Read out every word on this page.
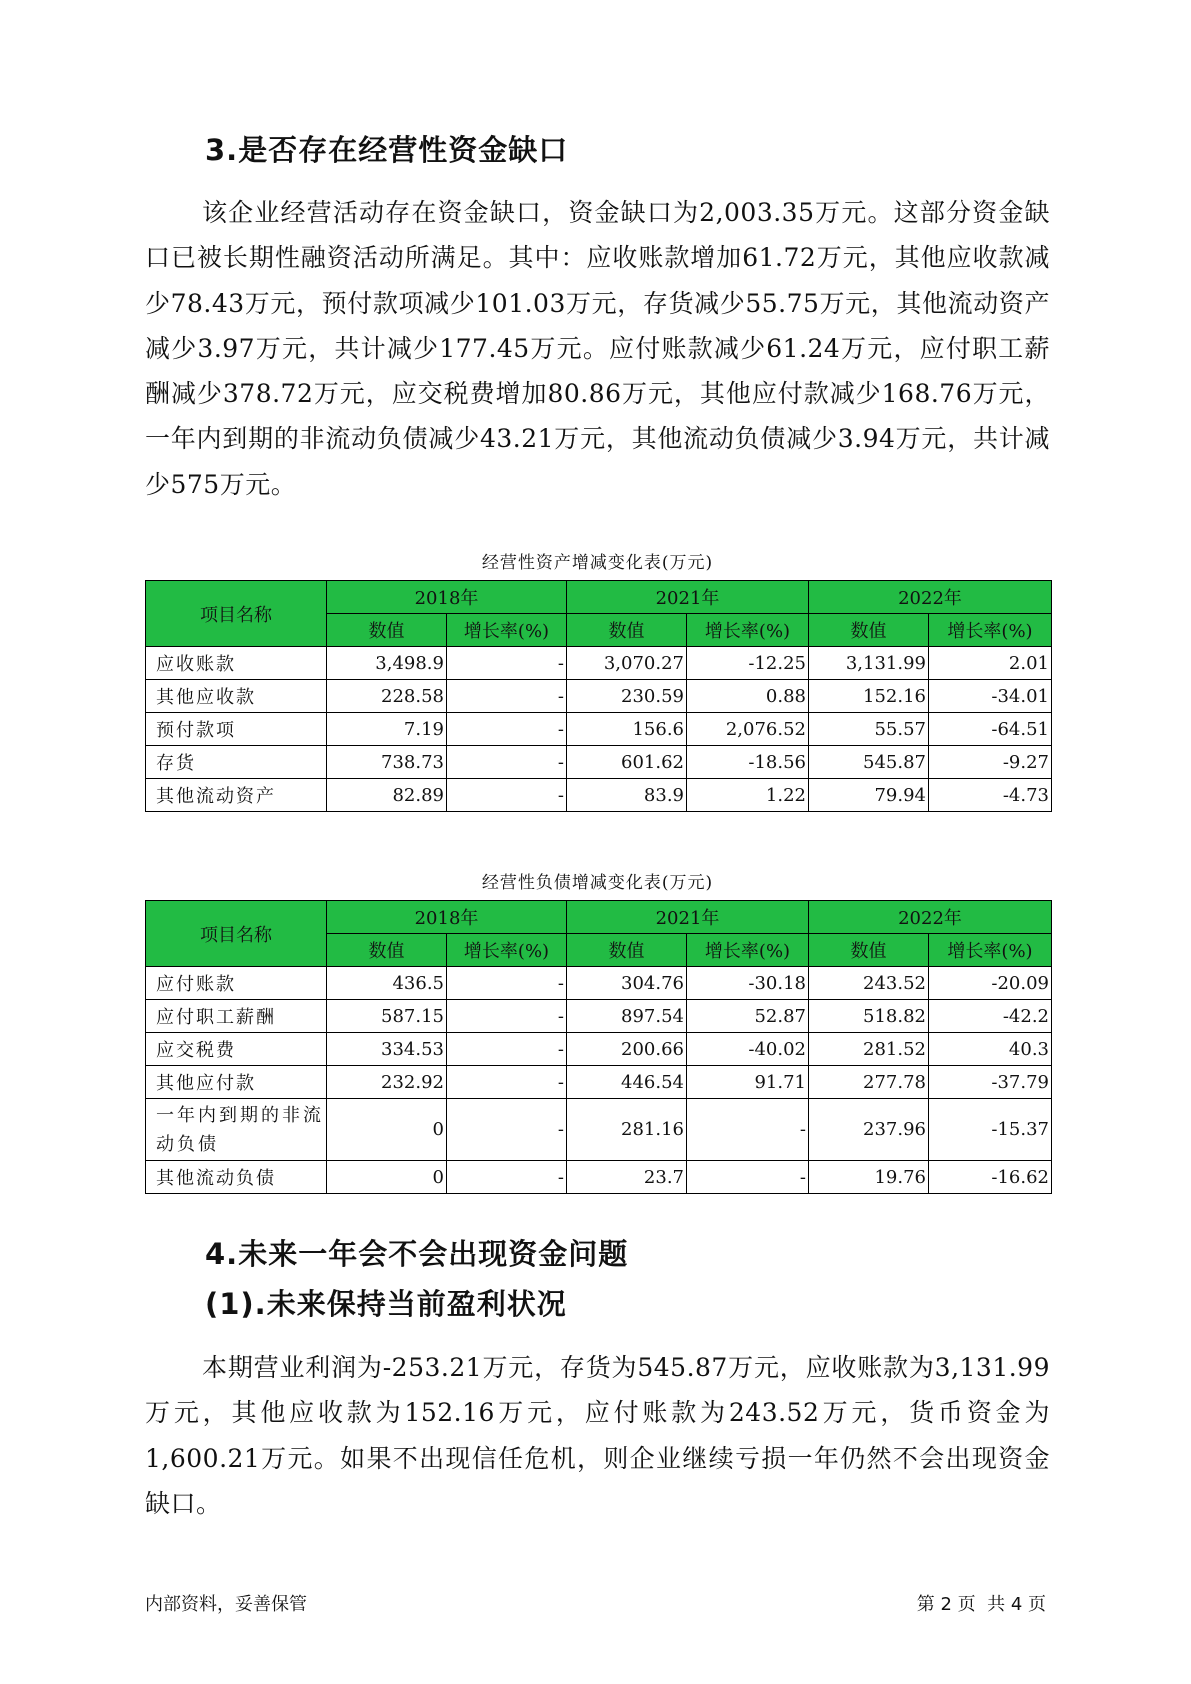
3.是否存在经营性资金缺口

该企业经营活动存在资金缺口，资金缺口为2,003.35万元。这部分资金缺口已被长期性融资活动所满足。其中：应收账款增加61.72万元，其他应收款减少78.43万元，预付款项减少101.03万元，存货减少55.75万元，其他流动资产减少3.97万元，共计减少177.45万元。应付账款减少61.24万元，应付职工薪酬减少378.72万元，应交税费增加80.86万元，其他应付款减少168.76万元，一年内到期的非流动负债减少43.21万元，其他流动负债减少3.94万元，共计减少575万元。

经营性资产增减变化表(万元)

项目名称	2018年		2021年		2022年	
	数值	增长率(%)	数值	增长率(%)	数值	增长率(%)
应收账款	3,498.9	-	3,070.27	-12.25	3,131.99	2.01
其他应收款	228.58	-	230.59	0.88	152.16	-34.01
预付款项	7.19	-	156.6	2,076.52	55.57	-64.51
存货	738.73	-	601.62	-18.56	545.87	-9.27
其他流动资产	82.89	-	83.9	1.22	79.94	-4.73

经营性负债增减变化表(万元)

项目名称	2018年		2021年		2022年	
	数值	增长率(%)	数值	增长率(%)	数值	增长率(%)
应付账款	436.5	-	304.76	-30.18	243.52	-20.09
应付职工薪酬	587.15	-	897.54	52.87	518.82	-42.2
应交税费	334.53	-	200.66	-40.02	281.52	40.3
其他应付款	232.92	-	446.54	91.71	277.78	-37.79
一年内到期的非流动负债	0	-	281.16	-	237.96	-15.37
其他流动负债	0	-	23.7	-	19.76	-16.62
4.未来一年会不会出现资金问题
(1).未来保持当前盈利状况

本期营业利润为-253.21万元，存货为545.87万元，应收账款为3,131.99万元，其他应收款为152.16万元，应付账款为243.52万元，货币资金为1,600.21万元。如果不出现信任危机，则企业继续亏损一年仍然不会出现资金缺口。

内部资料，妥善保管	第 2 页  共 4 页
